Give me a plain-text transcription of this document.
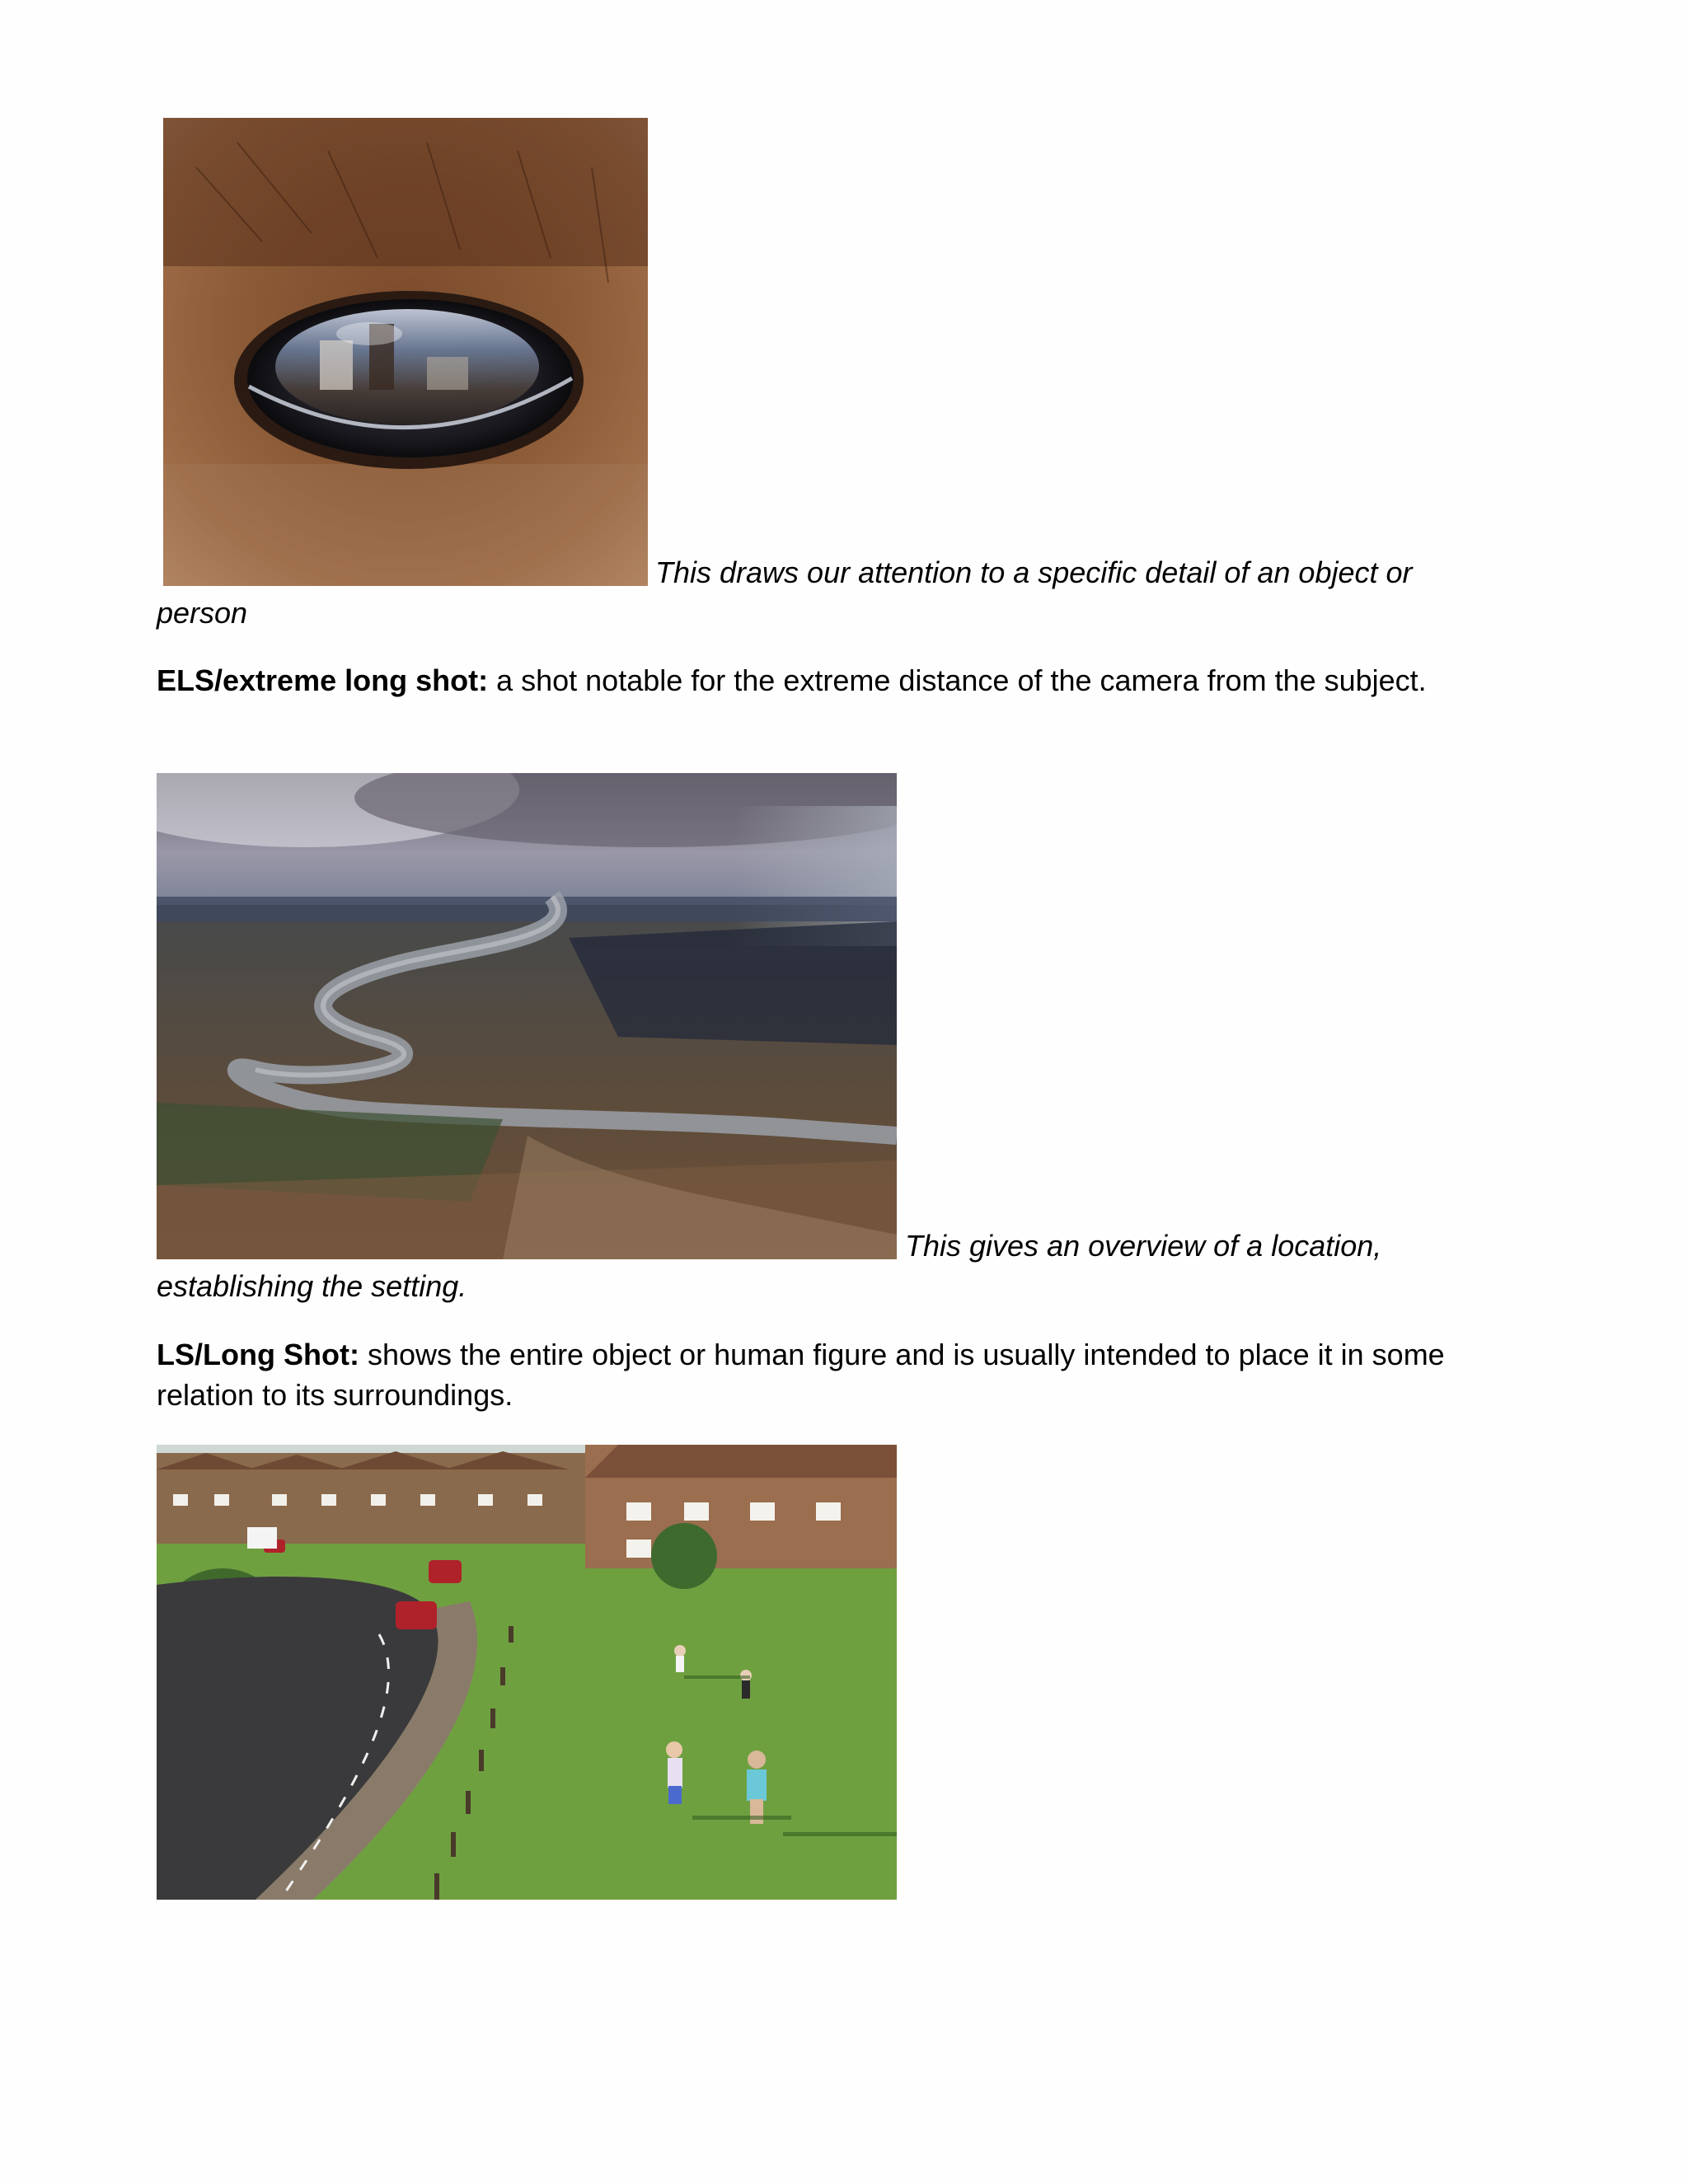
This draws our attention to a specific detail of an object or
person
ELS/extreme long shot: a shot notable for the extreme distance of the camera from the subject.
This gives an overview of a location,
establishing the setting.
LS/Long Shot: shows the entire object or human figure and is usually intended to place it in some
relation to its surroundings.
